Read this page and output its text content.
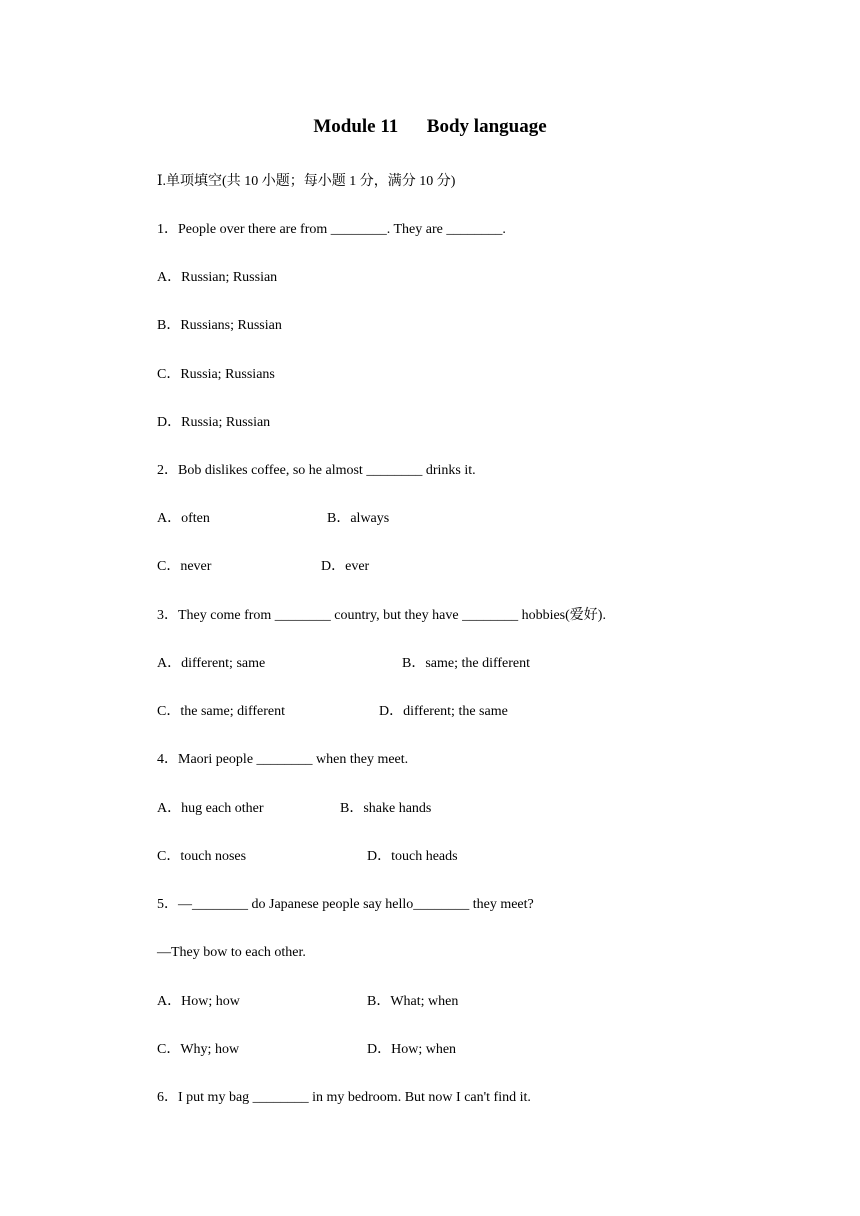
Module 11      Body language
Ⅰ.单项填空(共 10 小题；每小题 1 分，满分 10 分)
1．People over there are from ________. They are ________.
A．Russian; Russian
B．Russians; Russian
C．Russia; Russians
D．Russia; Russian
2．Bob dislikes coffee, so he almost ________ drinks it.
A．often	B．always
C．never	D．ever
3．They come from ________ country, but they have ________ hobbies(爱好).
A．different; same	B．same; the different
C．the same; different	D．different; the same
4．Maori people ________ when they meet.
A．hug each other	B．shake hands
C．touch noses	D．touch heads
5．—________ do Japanese people say hello________ they meet?
—They bow to each other.
A．How; how	B．What; when
C．Why; how	D．How; when
6．I put my bag ________ in my bedroom. But now I can't find it.
